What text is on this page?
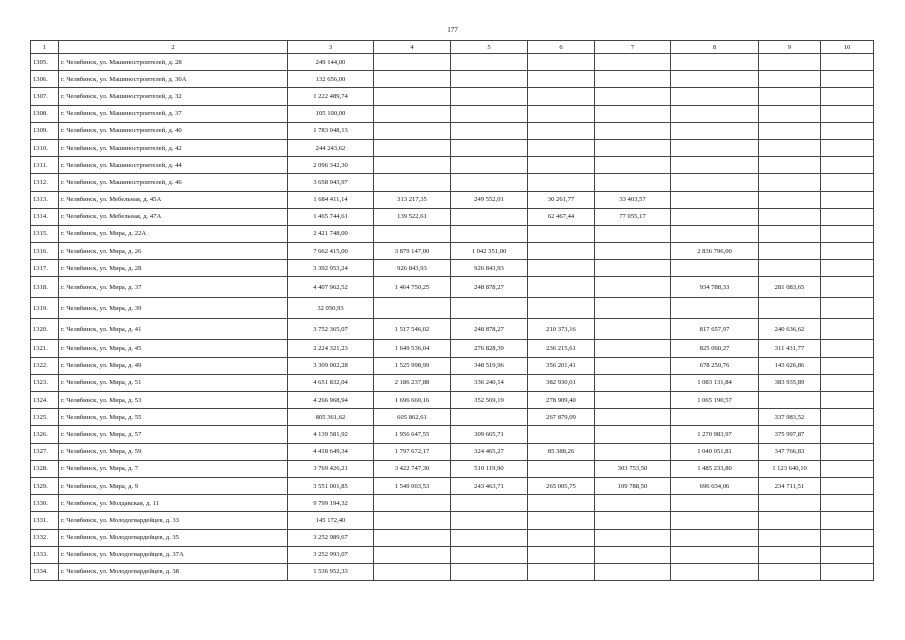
177
1	2	3	4	5	6	7	8	9	10
1305.	г. Челябинск, ул. Машиностроителей, д. 28	249 144,00							
1306.	г. Челябинск, ул. Машиностроителей, д. 30А	132 656,00							
1307.	г. Челябинск, ул. Машиностроителей, д. 32	1 222 489,74							
1308.	г. Челябинск, ул. Машиностроителей, д. 37	105 100,00							
1309.	г. Челябинск, ул. Машиностроителей, д. 40	1 783 048,13							
1310.	г. Челябинск, ул. Машиностроителей, д. 42	244 243,62							
1311.	г. Челябинск, ул. Машиностроителей, д. 44	2 096 342,30							
1312.	г. Челябинск, ул. Машиностроителей, д. 46	3 658 943,97							
1313.	г. Челябинск, ул. Мебельная, д. 45А	1 684 411,14	313 217,35	249 552,01	30 261,77	33 403,57			
1314.	г. Челябинск, ул. Мебельная, д. 47А	1 465 744,61	139 522,61		62 467,44	77 055,17			
1315.	г. Челябинск, ул. Мира, д. 22А	2 421 748,00							
1316.	г. Челябинск, ул. Мира, д. 26	7 662 415,00	3 879 147,00	1 042 351,00			2 836 796,00		
1317.	г. Челябинск, ул. Мира, д. 28	3 392 953,24	926 843,93	926 843,93					
1318.	г. Челябинск, ул. Мира, д. 37	4 407 962,52	1 464 750,25	248 878,27			934 788,33	281 083,65	
1319.	г. Челябинск, ул. Мира, д. 39	32 050,93							
1320.	г. Челябинск, ул. Мира, д. 41	3 752 365,07	1 517 546,02	248 878,27	210 373,16		817 657,97	240 636,62	
1321.	г. Челябинск, ул. Мира, д. 45	2 224 321,23	1 649 536,04	276 828,39	236 215,61		825 060,27	311 431,77	
1322.	г. Челябинск, ул. Мира, д. 49	3 309 002,28	1 525 998,99	348 519,96	356 201,41		678 250,76	143 026,86	
1323.	г. Челябинск, ул. Мира, д. 51	4 651 832,04	2 186 237,88	336 240,14	382 930,01		1 083 131,84	383 935,89	
1324.	г. Челябинск, ул. Мира, д. 53	4 266 968,94	1 696 669,16	352 569,19	278 909,40		1 065 190,57		
1325.	г. Челябинск, ул. Мира, д. 55	805 361,62	605 862,61		267 879,09			337 983,52	
1326.	г. Челябинск, ул. Мира, д. 57	4 139 581,92	1 956 647,55	309 665,71			1 270 983,97	375 997,87	
1327.	г. Челябинск, ул. Мира, д. 59	4 418 649,34	1 797 672,17	324 465,27	85 388,26		1 040 051,81	347 766,83	
1328.	г. Челябинск, ул. Мира, д. 7	3 769 426,21	3 422 747,30	510 119,90		303 753,50	1 485 233,80	1 123 640,10	
1329.	г. Челябинск, ул. Мира, д. 9	3 551 001,85	1 549 003,53	243 463,71	265 005,75	109 788,50	696 034,06	234 711,51	
1330.	г. Челябинск, ул. Молдавская, д. 11	9 799 194,32							
1331.	г. Челябинск, ул. Молодогвардейцев, д. 33	145 172,40							
1332.	г. Челябинск, ул. Молодогвардейцев, д. 35	3 252 989,67							
1333.	г. Челябинск, ул. Молодогвардейцев, д. 37А	3 252 993,07							
1334.	г. Челябинск, ул. Молодогвардейцев, д. 38	1 536 952,33							
